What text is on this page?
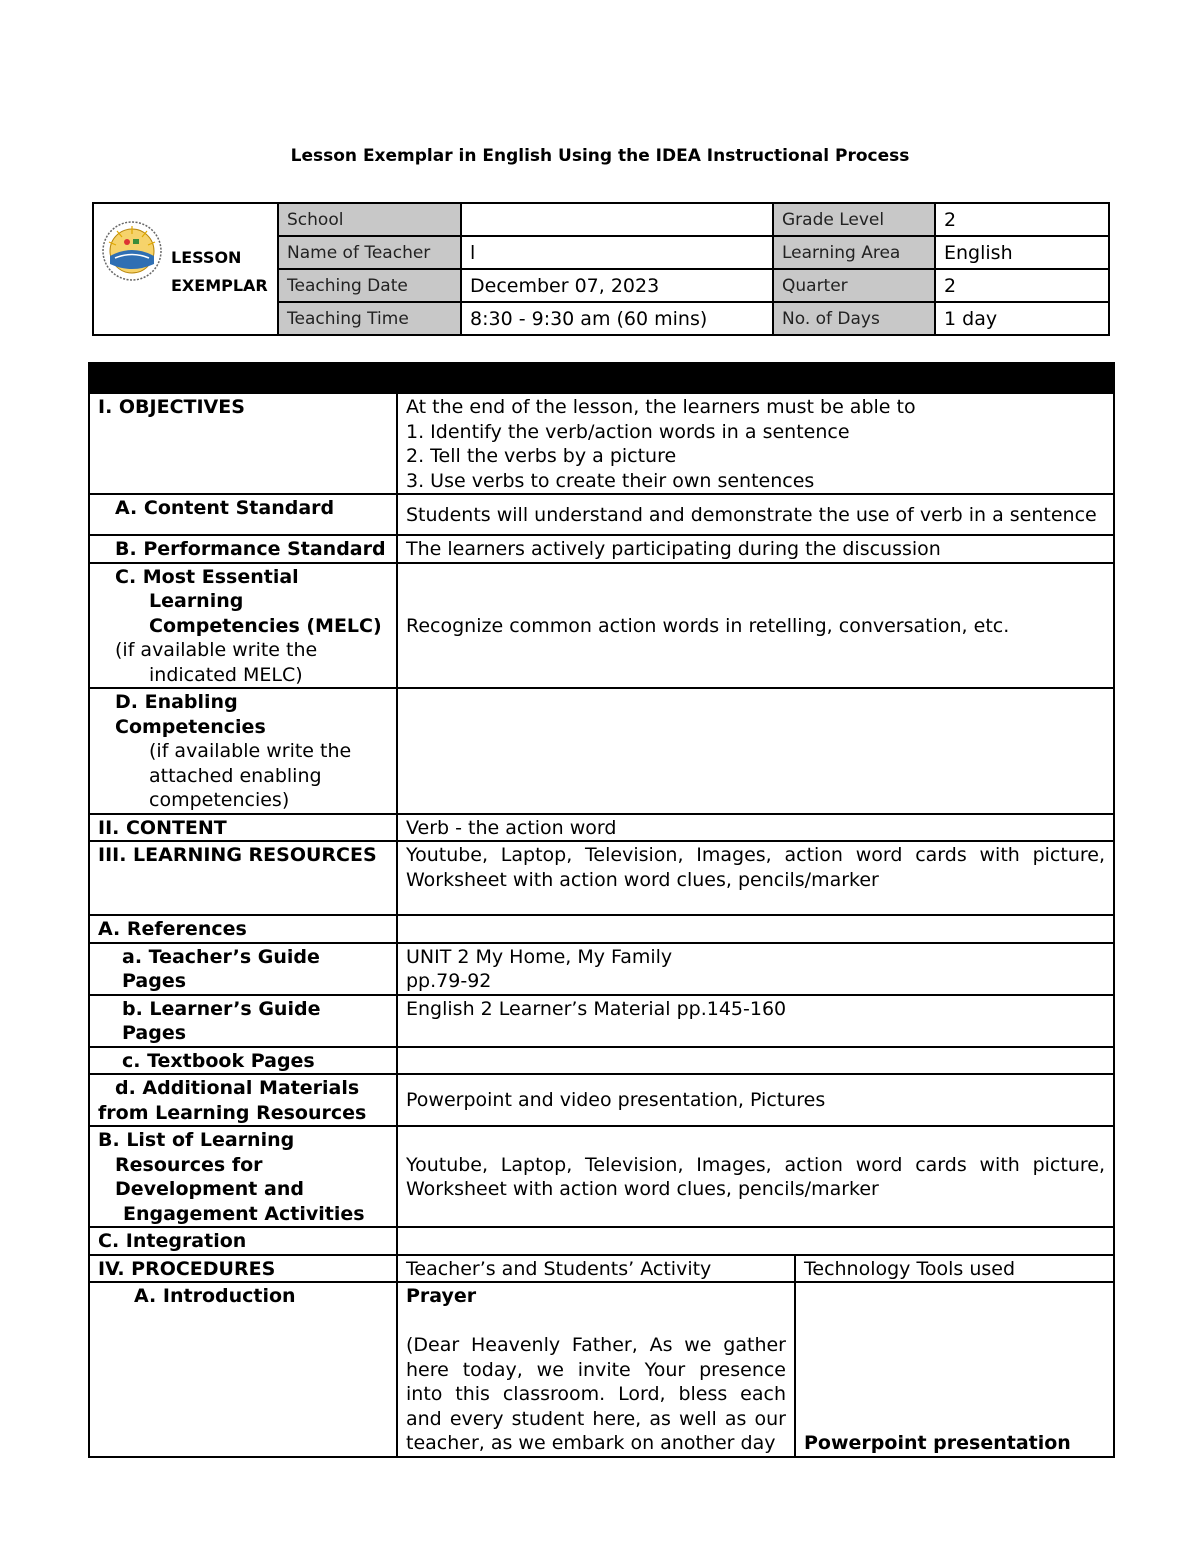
Lesson Exemplar in English Using the IDEA Instructional Process
LESSON
EXEMPLAR	School		Grade Level	2
	Name of Teacher	l	Learning Area	English
	Teaching Date	December 07, 2023	Quarter	2
	Teaching Time	8:30 - 9:30 am (60 mins)	No. of Days	1 day

I. OBJECTIVES	At the end of the lesson, the learners must be able to
1. Identify the verb/action words in a sentence
2. Tell the verbs by a picture
3. Use verbs to create their own sentences	

A. Content Standard	Students will understand and demonstrate the use of verb in a sentence	
B. Performance Standard	The learners actively participating during the discussion	

C. Most Essential
Learning
Competencies (MELC)
(if available write the
indicated MELC)	Recognize common action words in retelling, conversation, etc.	

D. Enabling Competencies
(if available write the
attached enabling
competencies)		

II. CONTENT	Verb - the action word	
III. LEARNING RESOURCES	Youtube, Laptop, Television, Images, action word cards with picture, Worksheet with action word clues, pencils/marker	
A. References		
a. Teacher’s Guide Pages	UNIT 2 My Home, My Family
pp.79-92	

b. Learner’s Guide Pages	English 2 Learner’s Material pp.145-160	
c. Textbook Pages		

d. Additional Materials
from Learning Resources	Powerpoint and video presentation, Pictures	

B. List of Learning
Resources for
Development and
Engagement Activities	Youtube, Laptop, Television, Images, action word cards with picture, Worksheet with action word clues, pencils/marker	
C. Integration		
IV. PROCEDURES	Teacher’s and Students’ Activity	Technology Tools used
A. Introduction	Prayer

(Dear Heavenly Father, As we gather here today, we invite Your presence into this classroom. Lord, bless each and every student here, as well as our teacher, as we embark on another day	Powerpoint presentation
